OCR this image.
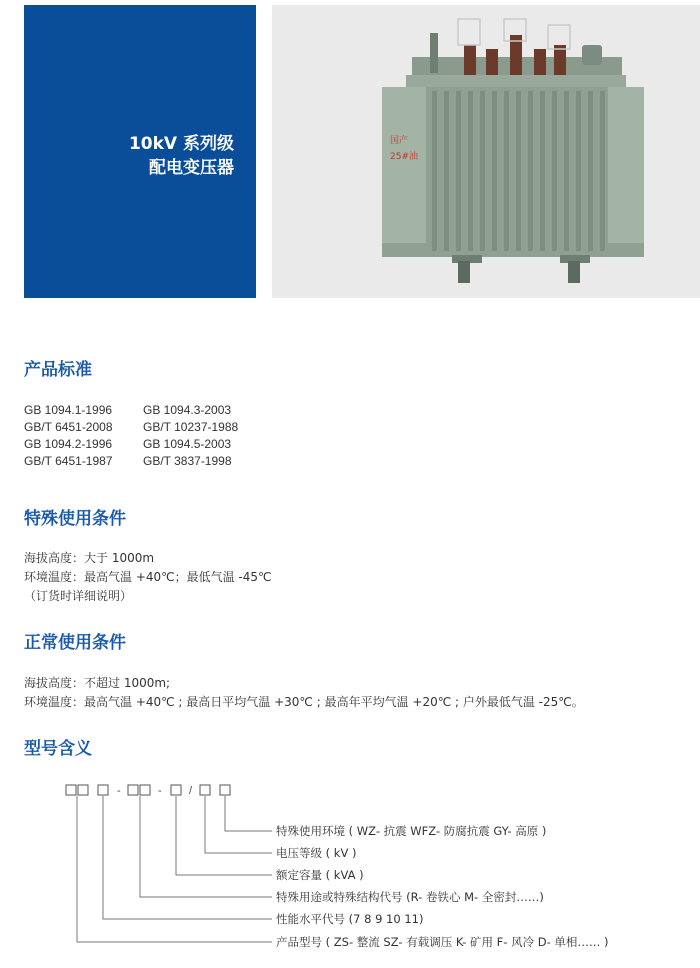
10kV 系列级
配电变压器
国产
25#油
产品标准
GB 1094.1-1996	GB 1094.3-2003
GB/T 6451-2008	GB/T 10237-1988
GB 1094.2-1996	GB 1094.5-2003
GB/T 6451-1987	GB/T 3837-1998
特殊使用条件
海拔高度：大于 1000m
环境温度：最高气温 +40℃；最低气温 -45℃
（订货时详细说明）
正常使用条件
海拔高度：不超过 1000m;
环境温度：最高气温 +40℃ ; 最高日平均气温 +30℃ ; 最高年平均气温 +20℃ ; 户外最低气温 -25℃。
型号含义
-	- /
特殊使用环境 ( WZ- 抗震 WFZ- 防腐抗震 GY- 高原 )
电压等级 ( kV )
额定容量 ( kVA )
特殊用途或特殊结构代号 (R- 卷铁心 M- 全密封……)
性能水平代号 (7 8 9 10 11)
产品型号 ( ZS- 整流 SZ- 有载调压 K- 矿用 F- 风冷 D- 单相…… )
